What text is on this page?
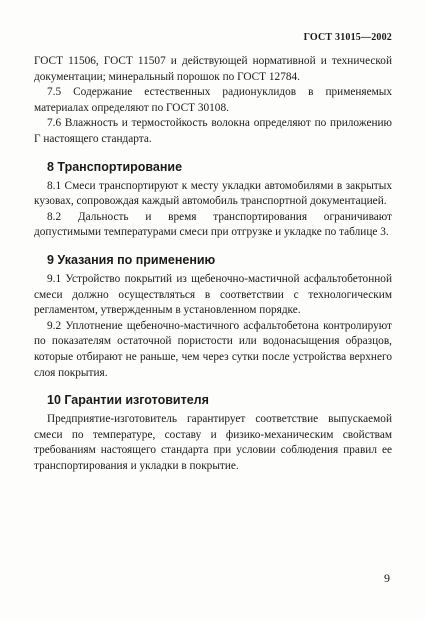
ГОСТ 31015—2002

ГОСТ 11506, ГОСТ 11507 и действующей нормативной и технической документации; минеральный порошок по ГОСТ 12784.

7.5 Содержание естественных радионуклидов в применяемых материалах определяют по ГОСТ 30108.

7.6 Влажность и термостойкость волокна определяют по приложению Г настоящего стандарта.

8 Транспортирование

8.1 Смеси транспортируют к месту укладки автомобилями в закрытых кузовах, сопровождая каждый автомобиль транспортной документацией.

8.2 Дальность и время транспортирования ограничивают допустимыми температурами смеси при отгрузке и укладке по таблице 3.

9 Указания по применению

9.1 Устройство покрытий из щебеночно-мастичной асфальтобетонной смеси должно осуществляться в соответствии с технологическим регламентом, утвержденным в установленном порядке.

9.2 Уплотнение щебеночно-мастичного асфальтобетона контролируют по показателям остаточной пористости или водонасыщения образцов, которые отбирают не раньше, чем через сутки после устройства верхнего слоя покрытия.

10 Гарантии изготовителя

Предприятие-изготовитель гарантирует соответствие выпускаемой смеси по температуре, составу и физико-механическим свойствам требованиям настоящего стандарта при условии соблюдения правил ее транспортирования и укладки в покрытие.

9
